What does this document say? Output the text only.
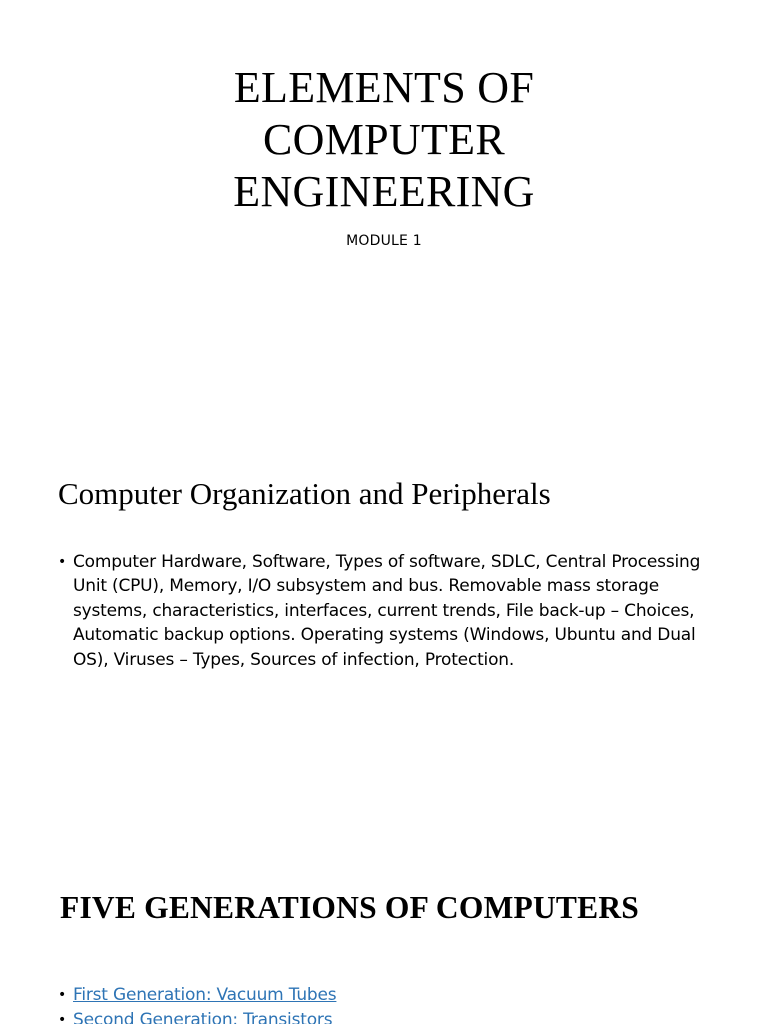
ELEMENTS OF
COMPUTER
ENGINEERING

MODULE 1

Computer Organization and Peripherals
• Computer Hardware, Software, Types of software, SDLC, Central Processing Unit (CPU), Memory, I/O subsystem and bus. Removable mass storage systems, characteristics, interfaces, current trends, File back-up – Choices, Automatic backup options. Operating systems (Windows, Ubuntu and Dual OS), Viruses – Types, Sources of infection, Protection.
FIVE GENERATIONS OF COMPUTERS
• First Generation: Vacuum Tubes
• Second Generation: Transistors
